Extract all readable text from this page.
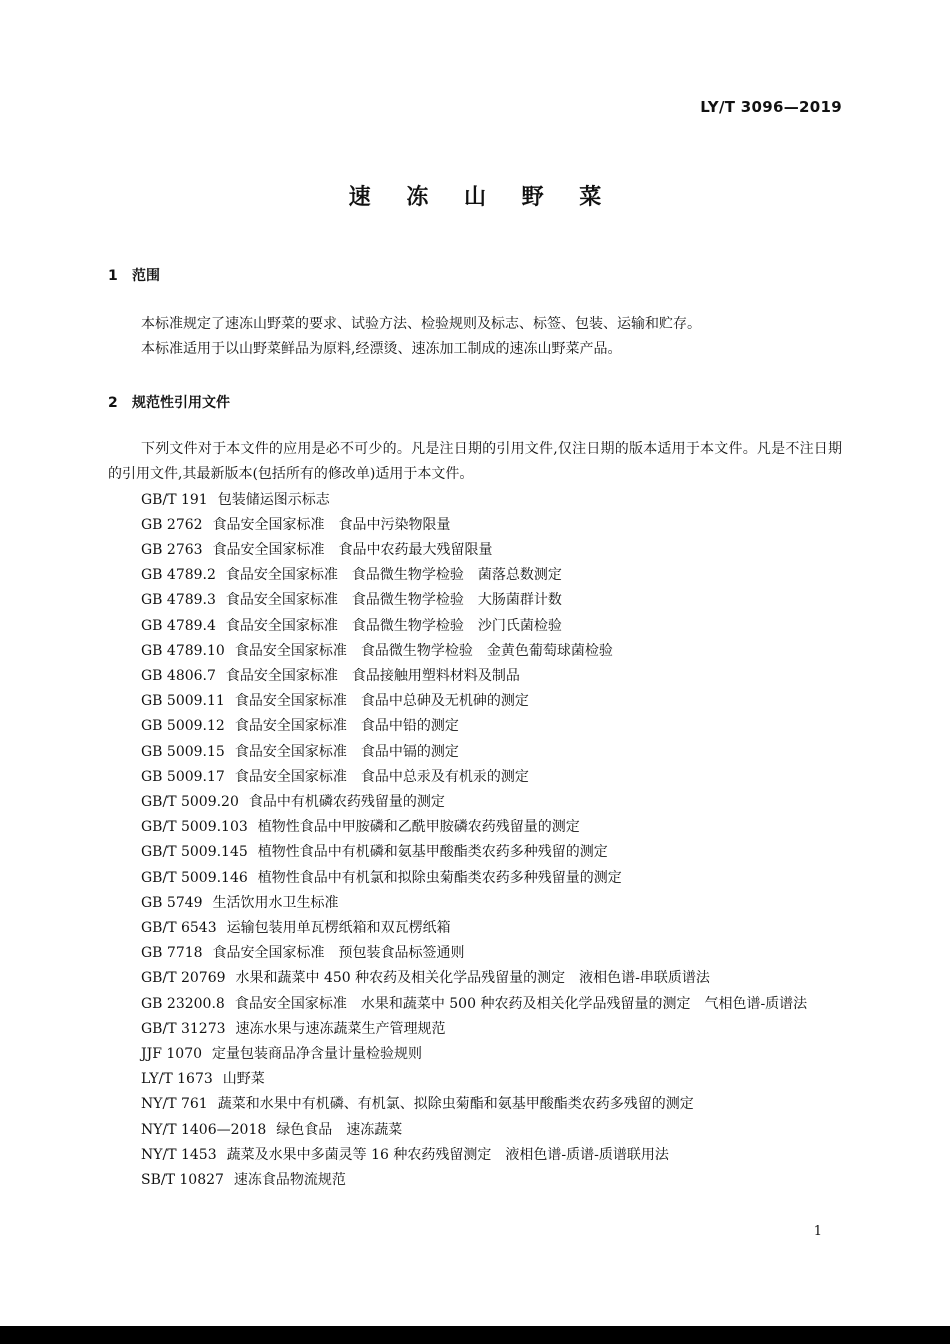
LY/T 3096—2019
速 冻 山 野 菜
1 范围
本标准规定了速冻山野菜的要求、试验方法、检验规则及标志、标签、包装、运输和贮存。
本标准适用于以山野菜鲜品为原料,经漂烫、速冻加工制成的速冻山野菜产品。
2 规范性引用文件
下列文件对于本文件的应用是必不可少的。凡是注日期的引用文件,仅注日期的版本适用于本文件。凡是不注日期的引用文件,其最新版本(包括所有的修改单)适用于本文件。
GB/T 191 包装储运图示标志
GB 2762 食品安全国家标准　食品中污染物限量
GB 2763 食品安全国家标准　食品中农药最大残留限量
GB 4789.2 食品安全国家标准　食品微生物学检验　菌落总数测定
GB 4789.3 食品安全国家标准　食品微生物学检验　大肠菌群计数
GB 4789.4 食品安全国家标准　食品微生物学检验　沙门氏菌检验
GB 4789.10 食品安全国家标准　食品微生物学检验　金黄色葡萄球菌检验
GB 4806.7 食品安全国家标准　食品接触用塑料材料及制品
GB 5009.11 食品安全国家标准　食品中总砷及无机砷的测定
GB 5009.12 食品安全国家标准　食品中铅的测定
GB 5009.15 食品安全国家标准　食品中镉的测定
GB 5009.17 食品安全国家标准　食品中总汞及有机汞的测定
GB/T 5009.20 食品中有机磷农药残留量的测定
GB/T 5009.103 植物性食品中甲胺磷和乙酰甲胺磷农药残留量的测定
GB/T 5009.145 植物性食品中有机磷和氨基甲酸酯类农药多种残留的测定
GB/T 5009.146 植物性食品中有机氯和拟除虫菊酯类农药多种残留量的测定
GB 5749 生活饮用水卫生标准
GB/T 6543 运输包装用单瓦楞纸箱和双瓦楞纸箱
GB 7718 食品安全国家标准　预包装食品标签通则
GB/T 20769 水果和蔬菜中 450 种农药及相关化学品残留量的测定　液相色谱-串联质谱法
GB 23200.8 食品安全国家标准　水果和蔬菜中 500 种农药及相关化学品残留量的测定　气相色谱-质谱法
GB/T 31273 速冻水果与速冻蔬菜生产管理规范
JJF 1070 定量包装商品净含量计量检验规则
LY/T 1673 山野菜
NY/T 761 蔬菜和水果中有机磷、有机氯、拟除虫菊酯和氨基甲酸酯类农药多残留的测定
NY/T 1406—2018 绿色食品　速冻蔬菜
NY/T 1453 蔬菜及水果中多菌灵等 16 种农药残留测定　液相色谱-质谱-质谱联用法
SB/T 10827 速冻食品物流规范
1
